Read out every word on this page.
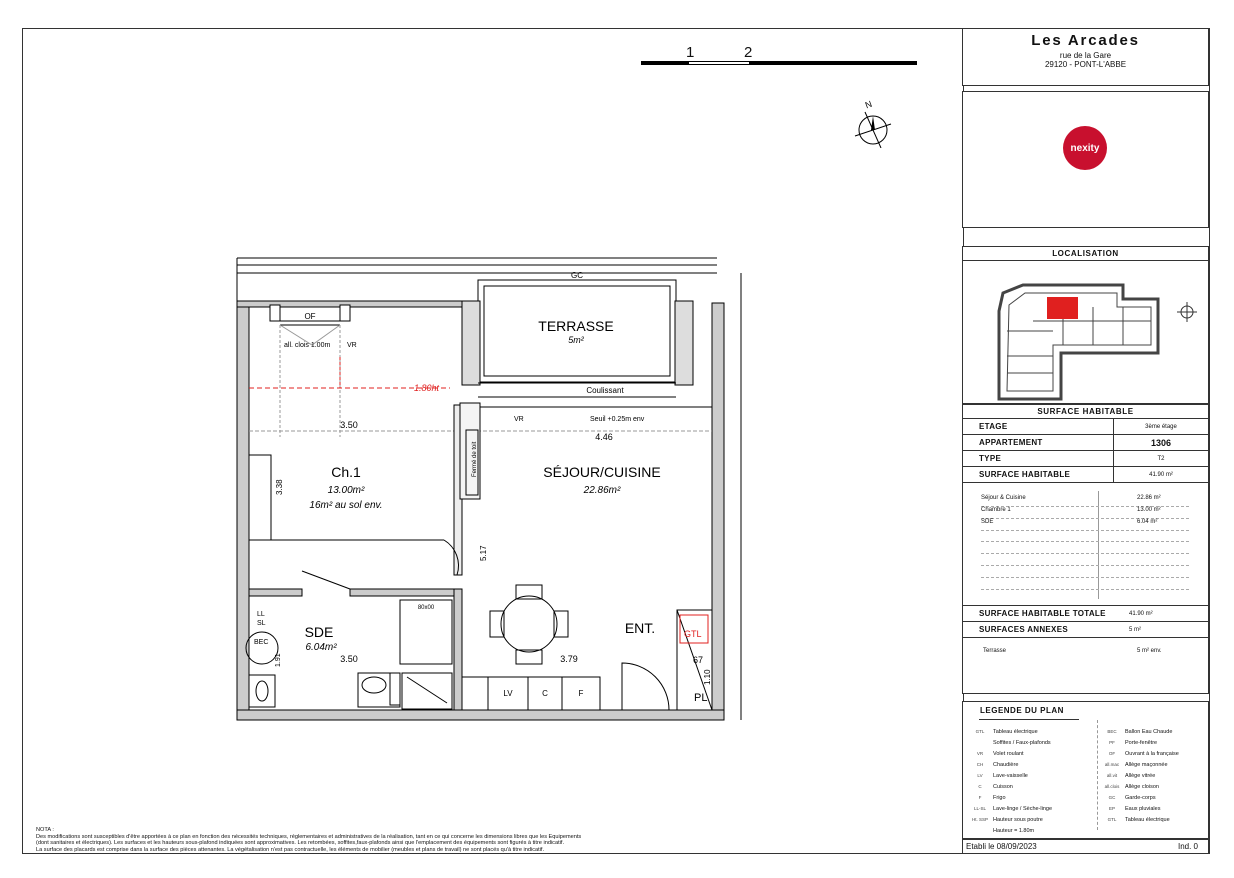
Les Arcades
rue de la Gare
29120 - PONT-L'ABBE
nexity
LOCALISATION
SURFACE HABITABLE
ETAGE	3ème étage
APPARTEMENT	1306
TYPE	T2
SURFACE HABITABLE	41.90 m²
Séjour & Cuisine	22.86 m²
Chambre 1	13.00 m²
SDE	6.04 m²
SURFACE HABITABLE TOTALE	41.90 m²
SURFACES ANNEXES	5 m²
Terrasse	5 m² env.
LEGENDE DU PLAN
GTL	Tableau électrique
Soffites / Faux-plafonds
VR	Volet roulant
CH	Chaudière
LV	Lave-vaisselle
C	Cuisson
F	Frigo
LL-SL	Lave-linge / Sèche-linge
Ht. SSP Hauteur sous poutre
Hauteur = 1.80m
BEC	Ballon Eau Chaude
PF	Porte-fenêtre
OF	Ouvrant à la française
all.mac	Allège maçonnée
all.vit	Allège vitrée
all.clois	Allège cloison
GC	Garde-corps
EP	Eaux pluviales
GTL	Tableau électrique
Etabli le 08/09/2023	Ind. 0
NOTA :
Des modifications sont susceptibles d'être apportées à ce plan en fonction des nécessités techniques, réglementaires et administratives de la réalisation, tant en ce qui concerne les dimensions libres que les Equipements
(dont sanitaires et électriques). Les surfaces et les hauteurs sous-plafond indiquées sont approximatives. Les retombées, soffites,faux-plafonds ainsi que l'emplacement des équipements sont figurés à titre indicatif.
La surface des placards est comprise dans la surface des pièces attenantes. La végétalisation n'est pas contractuelle, les éléments de mobilier (meubles et plans de travail) ne sont placés qu'à titre indicatif.
1	2
N
GC
TERRASSE
5m²
Coulissant
OF
all. clois 1.00m VR
1.80ht
3.50
VR	Seuil +0.25m env
4.46
Fermé de toit
Ch.1
13.00m²
16m² au sol env.
3.38
SÉJOUR/CUISINE
22.86m²
5.17
LL
SL
BEC
1.91
SDE
6.04m²
3.50
80x00
3.79
ENT.	GTL
67
1.10
PL
LV	C	F
